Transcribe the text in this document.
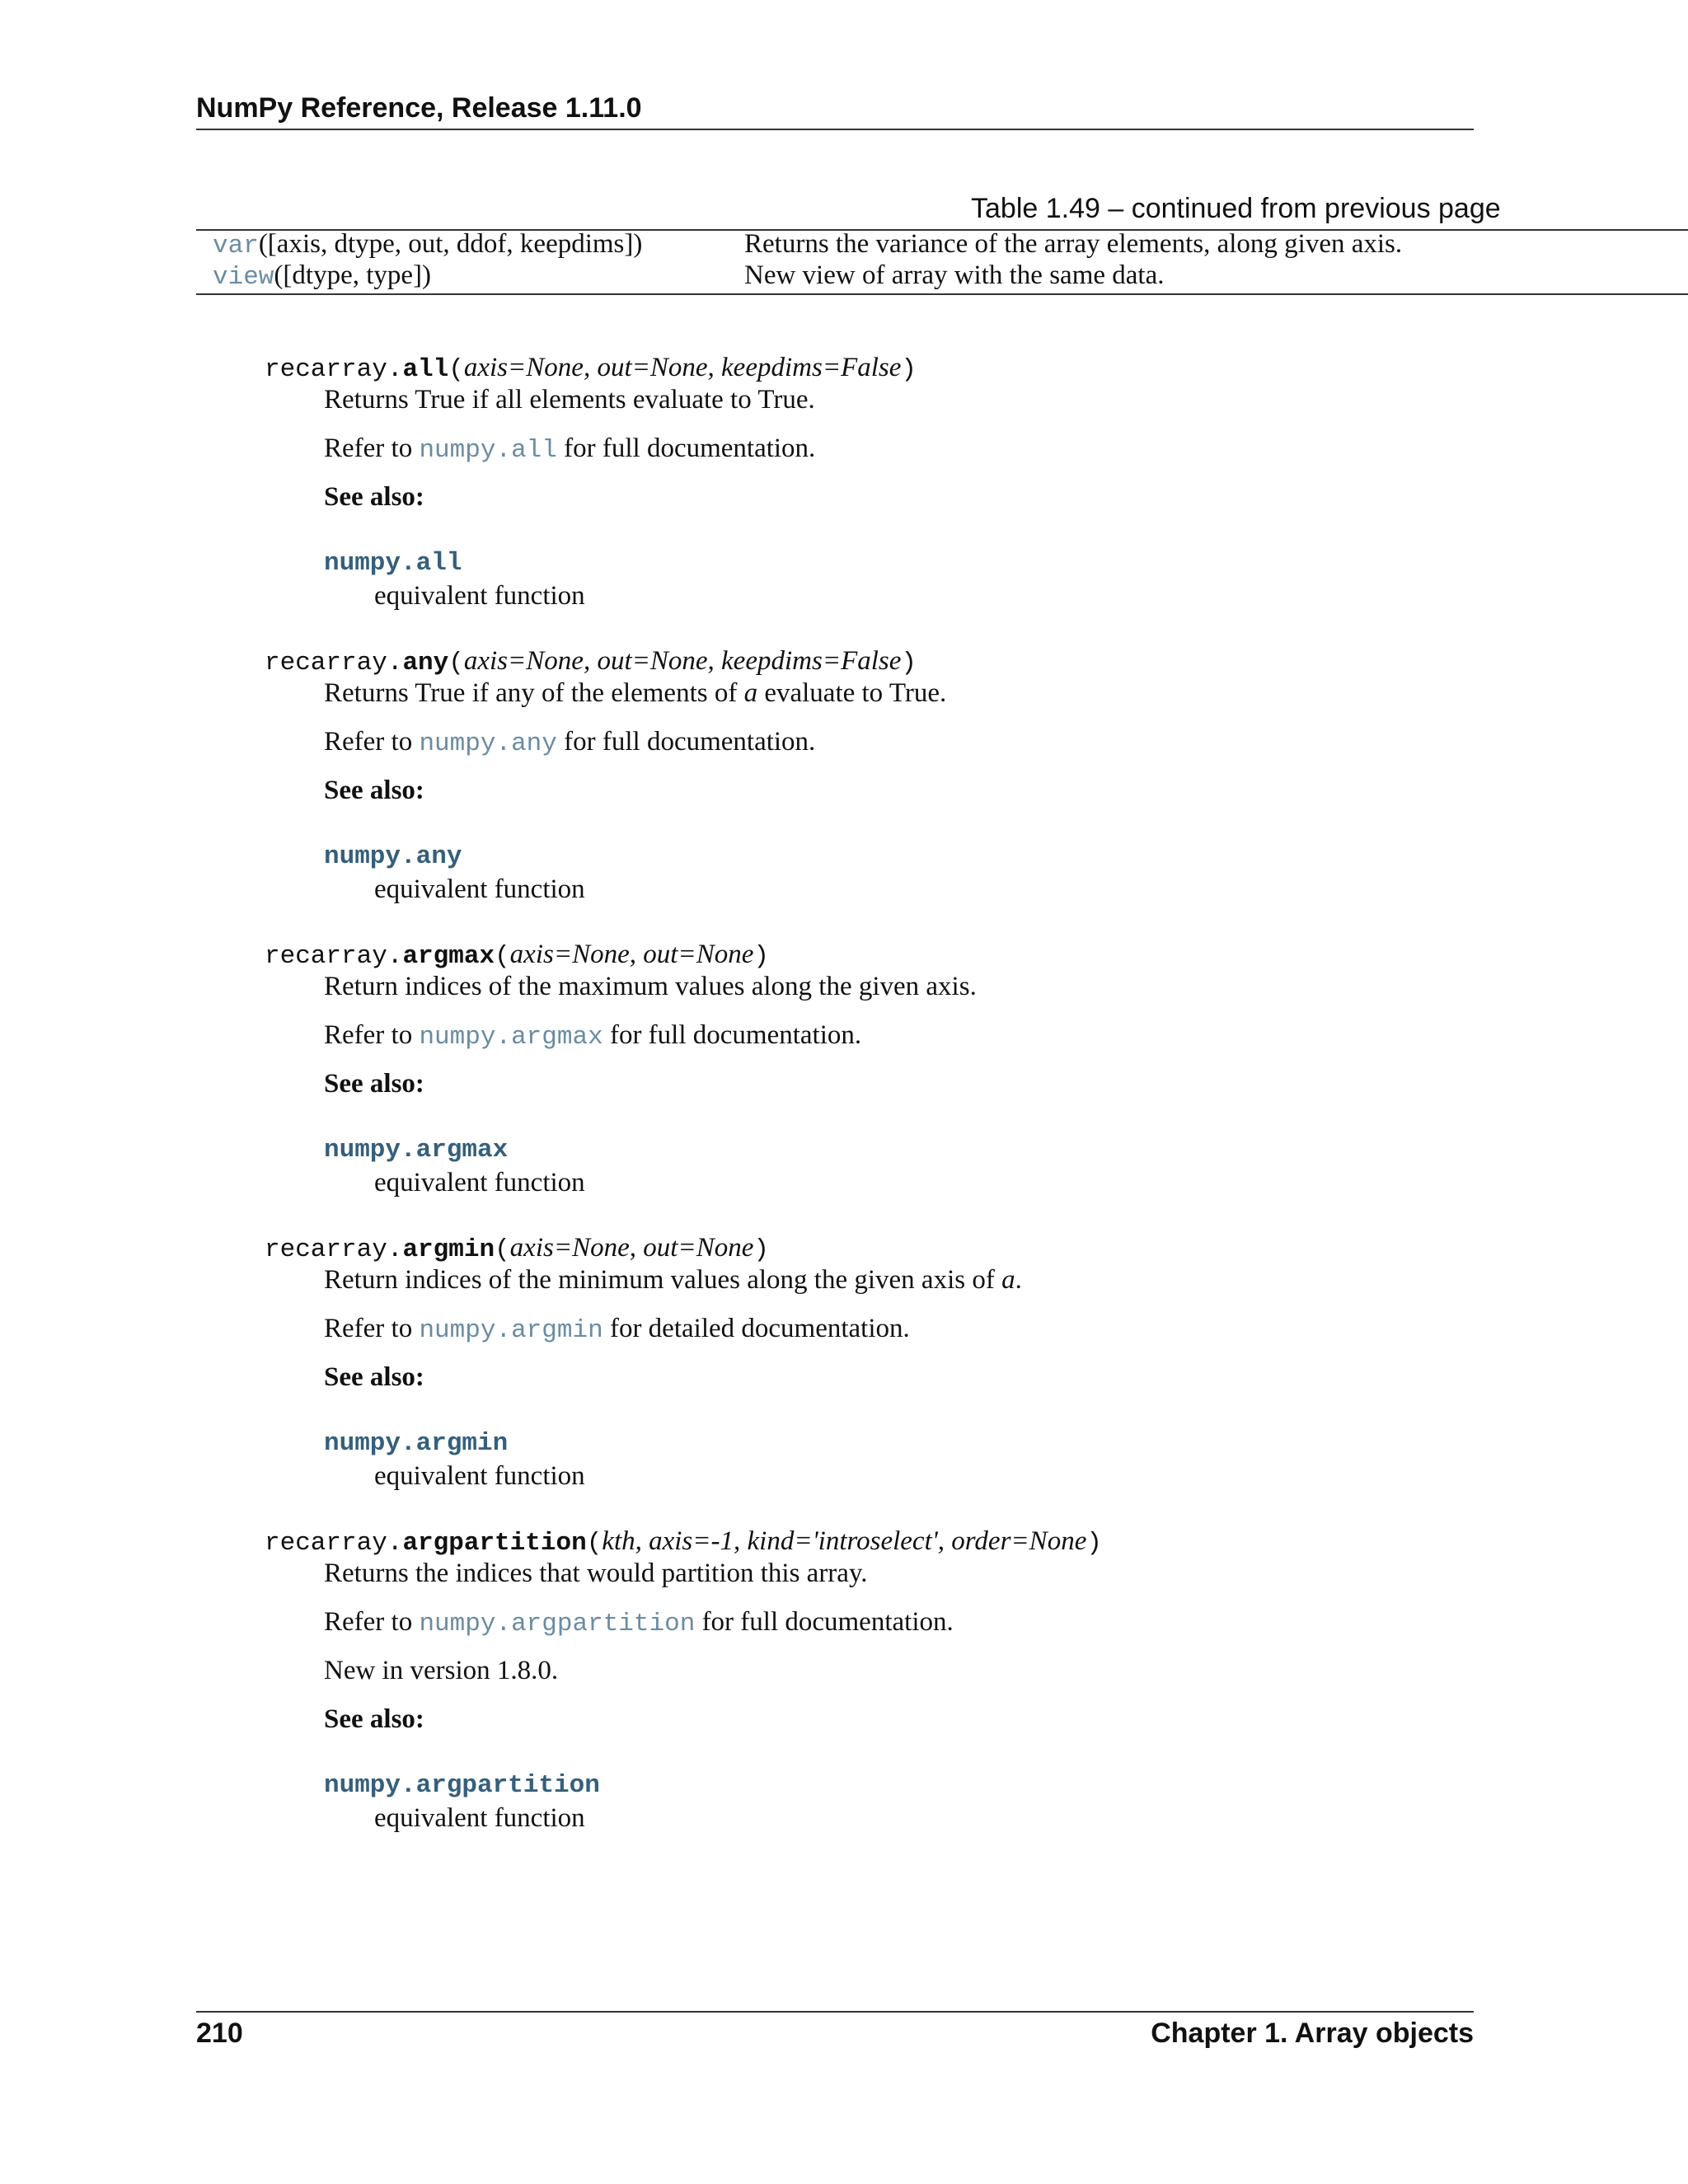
NumPy Reference, Release 1.11.0
Table 1.49 – continued from previous page
var([axis, dtype, out, ddof, keepdims])	Returns the variance of the array elements, along given axis.
view([dtype, type])	New view of array with the same data.
recarray.all(axis=None, out=None, keepdims=False)
Returns True if all elements evaluate to True.
Refer to numpy.all for full documentation.
See also:
numpy.all
equivalent function
recarray.any(axis=None, out=None, keepdims=False)
Returns True if any of the elements of a evaluate to True.
Refer to numpy.any for full documentation.
See also:
numpy.any
equivalent function
recarray.argmax(axis=None, out=None)
Return indices of the maximum values along the given axis.
Refer to numpy.argmax for full documentation.
See also:
numpy.argmax
equivalent function
recarray.argmin(axis=None, out=None)
Return indices of the minimum values along the given axis of a.
Refer to numpy.argmin for detailed documentation.
See also:
numpy.argmin
equivalent function
recarray.argpartition(kth, axis=-1, kind='introselect', order=None)
Returns the indices that would partition this array.
Refer to numpy.argpartition for full documentation.
New in version 1.8.0.
See also:
numpy.argpartition
equivalent function
210	Chapter 1. Array objects
